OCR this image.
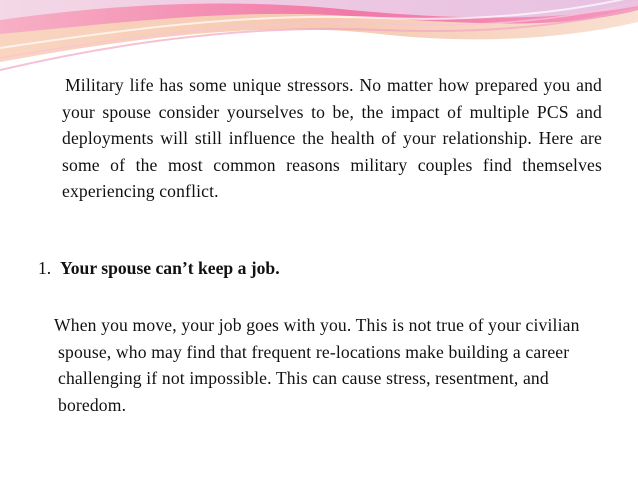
Military life has some unique stressors. No matter how prepared you and your spouse consider yourselves to be, the impact of multiple PCS and deployments will still influence the health of your relationship. Here are some of the most common reasons military couples find themselves experiencing conflict.

1. Your spouse can’t keep a job.

When you move, your job goes with you. This is not true of your civilian spouse, who may find that frequent re-locations make building a career challenging if not impossible. This can cause stress, resentment, and boredom.
